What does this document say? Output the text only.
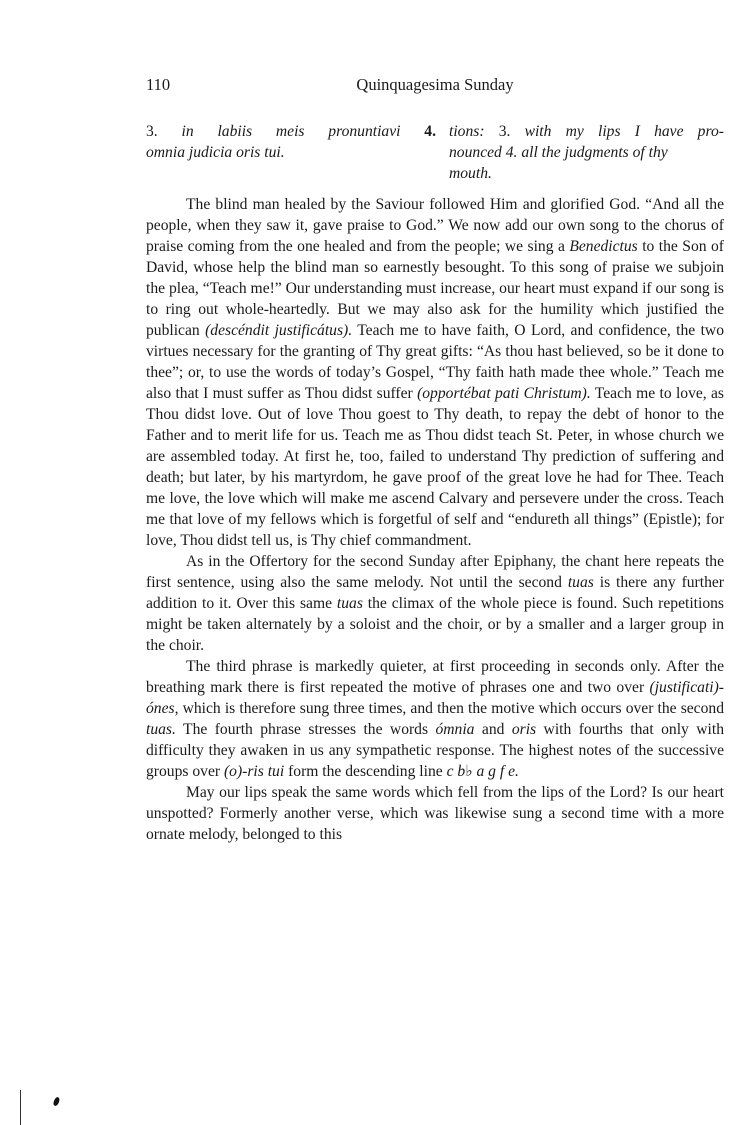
110	Quinquagesima Sunday
3. in labiis meis pronuntiavi 4.
omnia judicia oris tui.
tions: 3. with my lips I have pro-
nounced 4. all the judgments of thy
mouth.

The blind man healed by the Saviour followed Him and glorified God. “And all the people, when they saw it, gave praise to God.” We now add our own song to the chorus of praise coming from the one healed and from the people; we sing a Benedictus to the Son of David, whose help the blind man so earnestly besought. To this song of praise we subjoin the plea, “Teach me!” Our understanding must increase, our heart must expand if our song is to ring out whole-heartedly. But we may also ask for the humility which justified the publican (descéndit justificátus). Teach me to have faith, O Lord, and confidence, the two virtues necessary for the granting of Thy great gifts: “As thou hast believed, so be it done to thee”; or, to use the words of today’s Gospel, “Thy faith hath made thee whole.” Teach me also that I must suffer as Thou didst suffer (opportébat pati Christum). Teach me to love, as Thou didst love. Out of love Thou goest to Thy death, to repay the debt of honor to the Father and to merit life for us. Teach me as Thou didst teach St. Peter, in whose church we are assembled today. At first he, too, failed to understand Thy prediction of suffering and death; but later, by his martyrdom, he gave proof of the great love he had for Thee. Teach me love, the love which will make me ascend Calvary and persevere under the cross. Teach me that love of my fellows which is forgetful of self and “endureth all things” (Epistle); for love, Thou didst tell us, is Thy chief commandment.

As in the Offertory for the second Sunday after Epiphany, the chant here repeats the first sentence, using also the same melody. Not until the second tuas is there any further addition to it. Over this same tuas the climax of the whole piece is found. Such repetitions might be taken alternately by a soloist and the choir, or by a smaller and a larger group in the choir.

The third phrase is markedly quieter, at first proceeding in seconds only. After the breathing mark there is first repeated the motive of phrases one and two over (justificati)-ónes, which is therefore sung three times, and then the motive which occurs over the second tuas. The fourth phrase stresses the words ómnia and oris with fourths that only with difficulty they awaken in us any sympathetic response. The highest notes of the successive groups over (o)-ris tui form the descending line c b♭ a g f e.

May our lips speak the same words which fell from the lips of the Lord? Is our heart unspotted? Formerly another verse, which was likewise sung a second time with a more ornate melody, belonged to this
